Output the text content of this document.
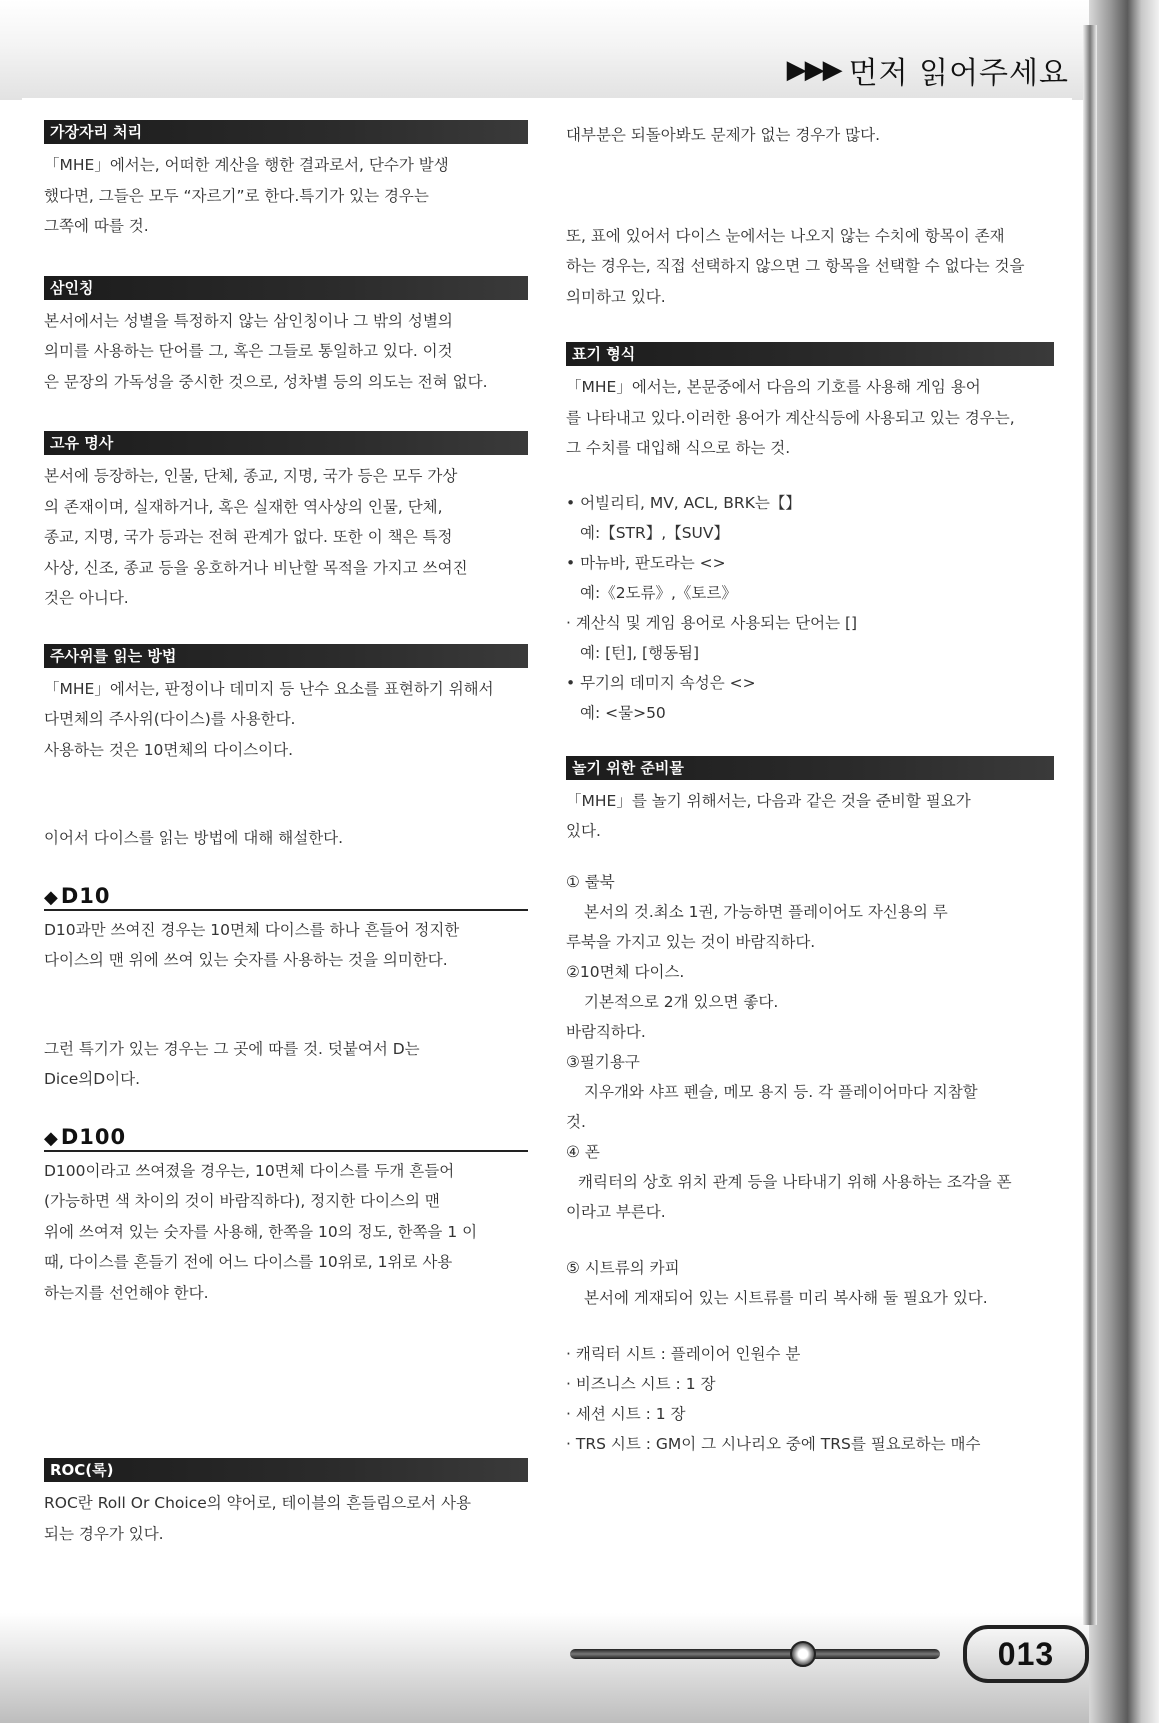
▶▶▶ 먼저 읽어주세요
가장자리 처리

「MHE」에서는, 어떠한 계산을 행한 결과로서, 단수가 발생

했다면, 그들은 모두 “자르기”로 한다.특기가 있는 경우는

그쪽에 따를 것.

삼인칭

본서에서는 성별을 특정하지 않는 삼인칭이나 그 밖의 성별의

의미를 사용하는 단어를 그, 혹은 그들로 통일하고 있다. 이것

은 문장의 가독성을 중시한 것으로, 성차별 등의 의도는 전혀 없다.

고유 명사

본서에 등장하는, 인물, 단체, 종교, 지명, 국가 등은 모두 가상

의 존재이며, 실재하거나, 혹은 실재한 역사상의 인물, 단체,

종교, 지명, 국가 등과는 전혀 관계가 없다. 또한 이 책은 특정

사상, 신조, 종교 등을 옹호하거나 비난할 목적을 가지고 쓰여진

것은 아니다.

주사위를 읽는 방법

「MHE」에서는, 판정이나 데미지 등 난수 요소를 표현하기 위해서

다면체의 주사위(다이스)를 사용한다.

사용하는 것은 10면체의 다이스이다.

이어서 다이스를 읽는 방법에 대해 해설한다.

◆D10

D10과만 쓰여진 경우는 10면체 다이스를 하나 흔들어 정지한

다이스의 맨 위에 쓰여 있는 숫자를 사용하는 것을 의미한다.

그런 특기가 있는 경우는 그 곳에 따를 것. 덧붙여서 D는

Dice의D이다.

◆D100

D100이라고 쓰여졌을 경우는, 10면체 다이스를 두개 흔들어

(가능하면 색 차이의 것이 바람직하다), 정지한 다이스의 맨

위에 쓰여져 있는 숫자를 사용해, 한쪽을 10의 정도, 한쪽을 1 이

때, 다이스를 흔들기 전에 어느 다이스를 10위로, 1위로 사용

하는지를 선언해야 한다.

ROC(록)

ROC란 Roll Or Choice의 약어로, 테이블의 흔들림으로서 사용

되는 경우가 있다.

대부분은 되돌아봐도 문제가 없는 경우가 많다.

또, 표에 있어서 다이스 눈에서는 나오지 않는 수치에 항목이 존재

하는 경우는, 직접 선택하지 않으면 그 항목을 선택할 수 없다는 것을

의미하고 있다.

표기 형식

「MHE」에서는, 본문중에서 다음의 기호를 사용해 게임 용어

를 나타내고 있다.이러한 용어가 계산식등에 사용되고 있는 경우는,

그 수치를 대입해 식으로 하는 것.

• 어빌리티, MV, ACL, BRK는【】

예:【STR】,【SUV】

• 마뉴바, 판도라는 <>

예:《2도류》,《토르》

· 계산식 및 게임 용어로 사용되는 단어는 []

예: [턴], [행동됨]

• 무기의 데미지 속성은 <>

예: <물>50

놀기 위한 준비물

「MHE」를 놀기 위해서는, 다음과 같은 것을 준비할 필요가

있다.

① 룰북

본서의 것.최소 1권, 가능하면 플레이어도 자신용의 루

루북을 가지고 있는 것이 바람직하다.

②10면체 다이스.

기본적으로 2개 있으면 좋다.

바람직하다.

③필기용구

지우개와 샤프 펜슬, 메모 용지 등. 각 플레이어마다 지참할

것.

④ 폰

캐릭터의 상호 위치 관계 등을 나타내기 위해 사용하는 조각을 폰

이라고 부른다.

⑤ 시트류의 카피

본서에 게재되어 있는 시트류를 미리 복사해 둘 필요가 있다.

· 캐릭터 시트 : 플레이어 인원수 분

· 비즈니스 시트 : 1 장

· 세션 시트 : 1 장

· TRS 시트 : GM이 그 시나리오 중에 TRS를 필요로하는 매수

013
